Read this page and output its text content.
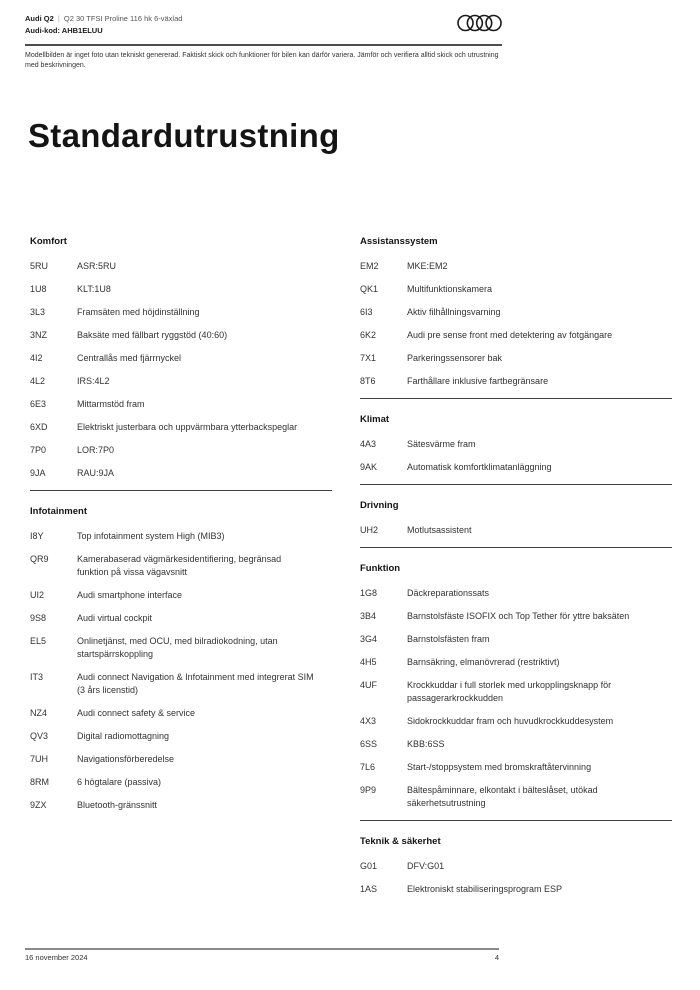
Audi Q2 | Q2 30 TFSI Proline 116 hk 6-växlad
Audi-kod: AHB1ELUU
Modellbilden är inget foto utan tekniskt genererad. Faktiskt skick och funktioner för bilen kan därför variera. Jämför och verifiera alltid skick och utrustning med beskrivningen.
Standardutrustning
Komfort
5RU	ASR:5RU
1U8	KLT:1U8
3L3	Framsäten med höjdinställning
3NZ	Baksäte med fällbart ryggstöd (40:60)
4I2	Centrallås med fjärrnyckel
4L2	IRS:4L2
6E3	Mittarmstöd fram
6XD	Elektriskt justerbara och uppvärmbara ytterbackspeglar
7P0	LOR:7P0
9JA	RAU:9JA
Infotainment
I8Y	Top infotainment system High (MIB3)
QR9	Kamerabaserad vägmärkesidentifiering, begränsad funktion på vissa vägavsnitt
UI2	Audi smartphone interface
9S8	Audi virtual cockpit
EL5	Onlinetjänst, med OCU, med bilradiokodning, utan startspärrskoppling
IT3	Audi connect Navigation & Infotainment med integrerat SIM (3 års licenstid)
NZ4	Audi connect safety & service
QV3	Digital radiomottagning
7UH	Navigationsförberedelse
8RM	6 högtalare (passiva)
9ZX	Bluetooth-gränssnitt
Assistanssystem
EM2	MKE:EM2
QK1	Multifunktionskamera
6I3	Aktiv filhållningsvarning
6K2	Audi pre sense front med detektering av fotgängare
7X1	Parkeringssensorer bak
8T6	Farthållare inklusive fartbegränsare
Klimat
4A3	Sätesvärme fram
9AK	Automatisk komfortklimatanläggning
Drivning
UH2	Motlutsassistent
Funktion
1G8	Däckreparationssats
3B4	Barnstolsfäste ISOFIX och Top Tether för yttre baksäten
3G4	Barnstolsfästen fram
4H5	Barnsäkring, elmanövrerad (restriktivt)
4UF	Krockkuddar i full storlek med urkopplingsknapp för passagerarkrockkudden
4X3	Sidokrockkuddar fram och huvudkrockkuddesystem
6SS	KBB:6SS
7L6	Start-/stoppsystem med bromskraftåtervinning
9P9	Bältespåminnare, elkontakt i bälteslåset, utökad säkerhetsutrustning
Teknik & säkerhet
G01	DFV:G01
1AS	Elektroniskt stabiliseringsprogram ESP
16 november 2024	4
